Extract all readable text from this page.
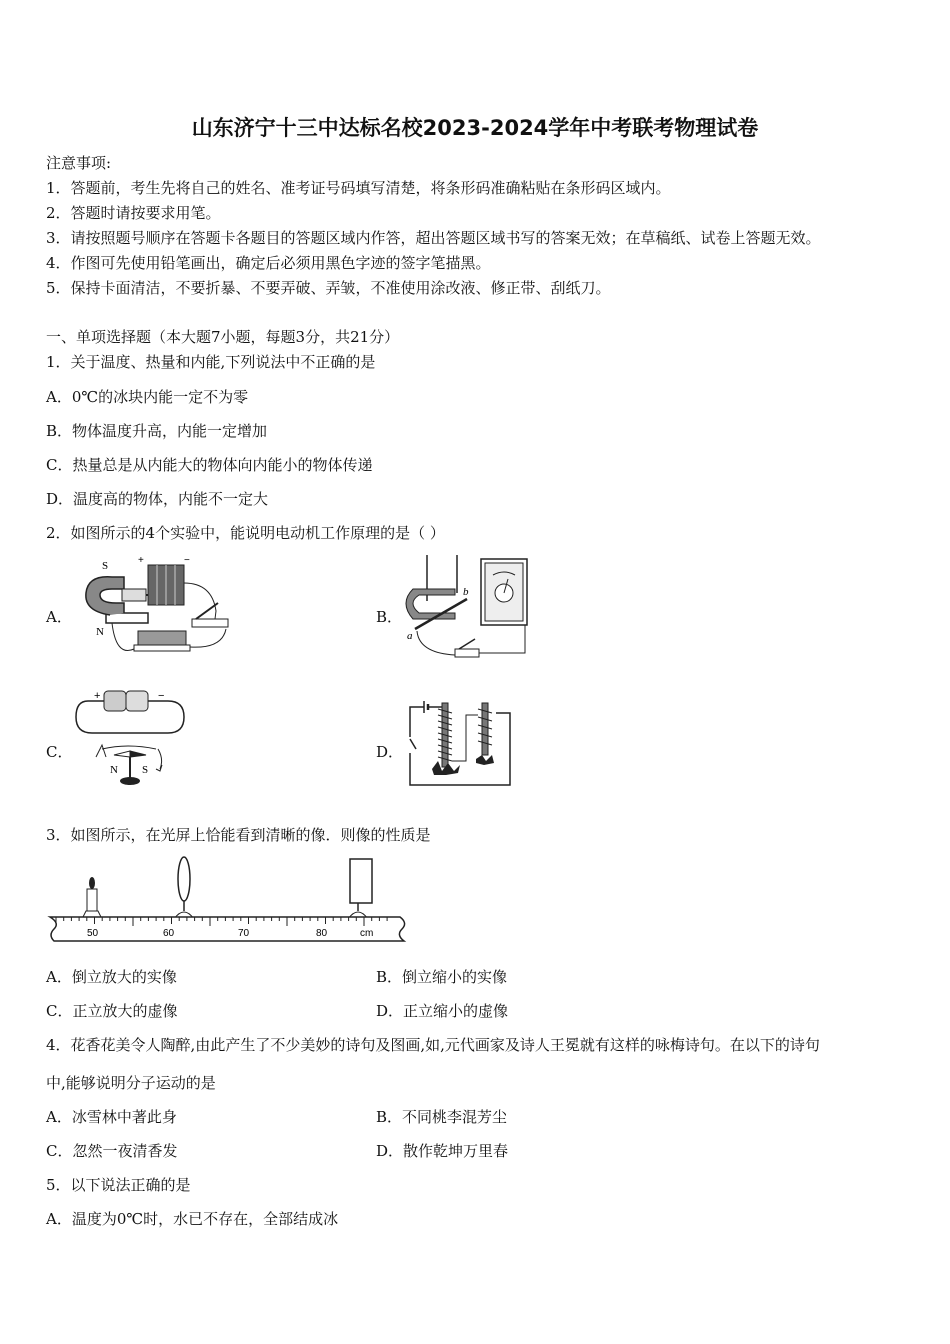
山东济宁十三中达标名校2023-2024学年中考联考物理试卷
注意事项:
1．答题前，考生先将自己的姓名、准考证号码填写清楚，将条形码准确粘贴在条形码区域内。
2．答题时请按要求用笔。
3．请按照题号顺序在答题卡各题目的答题区域内作答，超出答题区域书写的答案无效；在草稿纸、试卷上答题无效。
4．作图可先使用铅笔画出，确定后必须用黑色字迹的签字笔描黑。
5．保持卡面清洁，不要折暴、不要弄破、弄皱，不准使用涂改液、修正带、刮纸刀。
一、单项选择题（本大题7小题，每题3分，共21分）
1．关于温度、热量和内能,下列说法中不正确的是
A．0℃的冰块内能一定不为零
B．物体温度升高，内能一定增加
C．热量总是从内能大的物体向内能小的物体传递
D．温度高的物体，内能不一定大
2．如图所示的4个实验中，能说明电动机工作原理的是（ ）
A．
S
N
+	−
B．
a
b
C．
+	−
N S
D．
3．如图所示，在光屏上恰能看到清晰的像．则像的性质是
50	60	70	80	cm
A．倒立放大的实像	B．倒立缩小的实像
C．正立放大的虚像	D．正立缩小的虚像
4．花香花美令人陶醉,由此产生了不少美妙的诗句及图画,如,元代画家及诗人王冕就有这样的咏梅诗句。在以下的诗句
中,能够说明分子运动的是
A．冰雪林中著此身	B．不同桃李混芳尘
C．忽然一夜清香发	D．散作乾坤万里春
5．以下说法正确的是
A．温度为0℃时，水已不存在，全部结成冰
